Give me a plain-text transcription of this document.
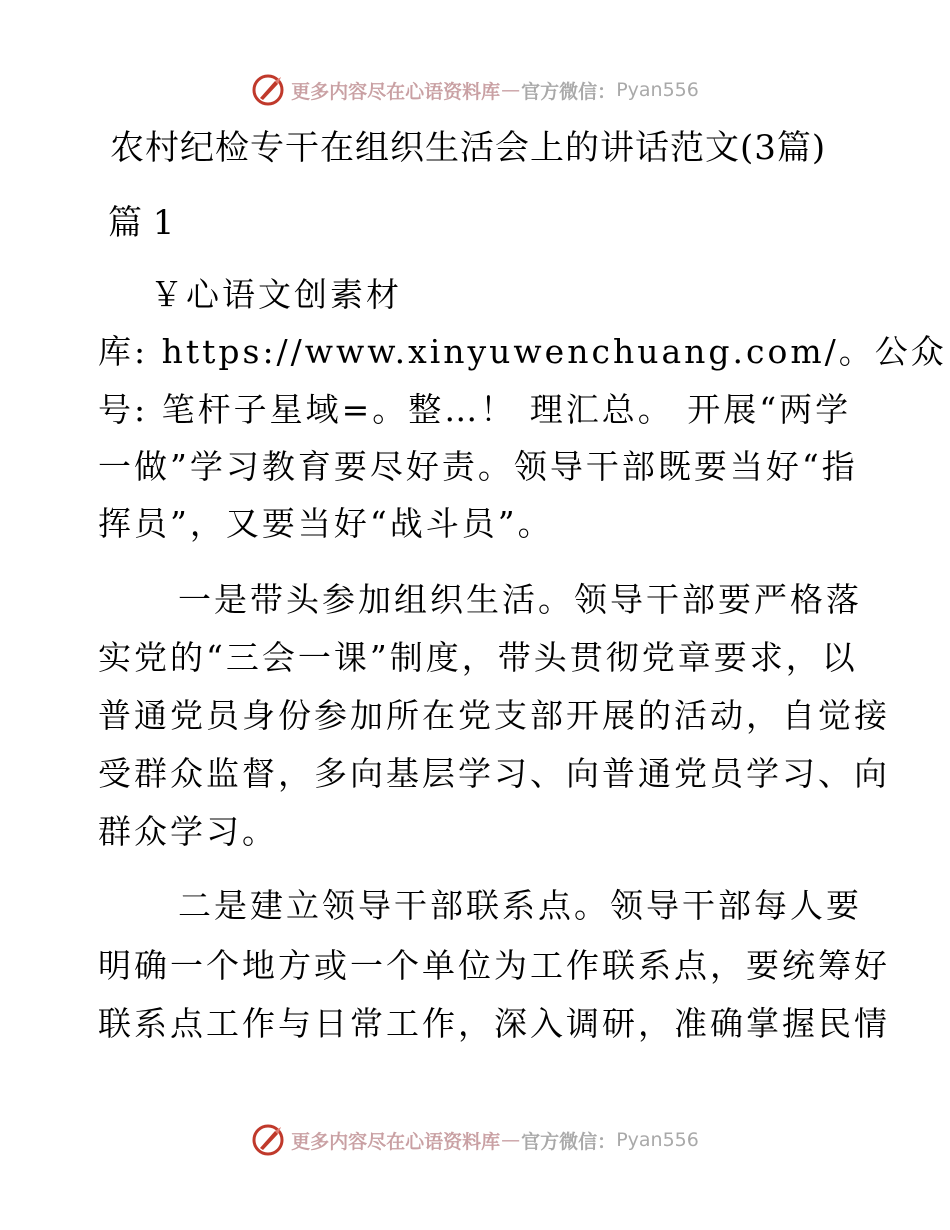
更多内容尽在心语资料库 — 官方微信： Pyan556
农村纪检专干在组织生活会上的讲话范文(3篇)
篇 1
￥心语文创素材
库: https://www.xinyuwenchuang.com/。公众
号: 笔杆子星域=。整…！ 理汇总。 开展“两学
一做”学习教育要尽好责。领导干部既要当好“指
挥员”，又要当好“战斗员”。
一是带头参加组织生活。领导干部要严格落
实党的“三会一课”制度，带头贯彻党章要求，以
普通党员身份参加所在党支部开展的活动，自觉接
受群众监督，多向基层学习、向普通党员学习、向
群众学习。
二是建立领导干部联系点。领导干部每人要
明确一个地方或一个单位为工作联系点，要统筹好
联系点工作与日常工作，深入调研，准确掌握民情
更多内容尽在心语资料库 — 官方微信： Pyan556
